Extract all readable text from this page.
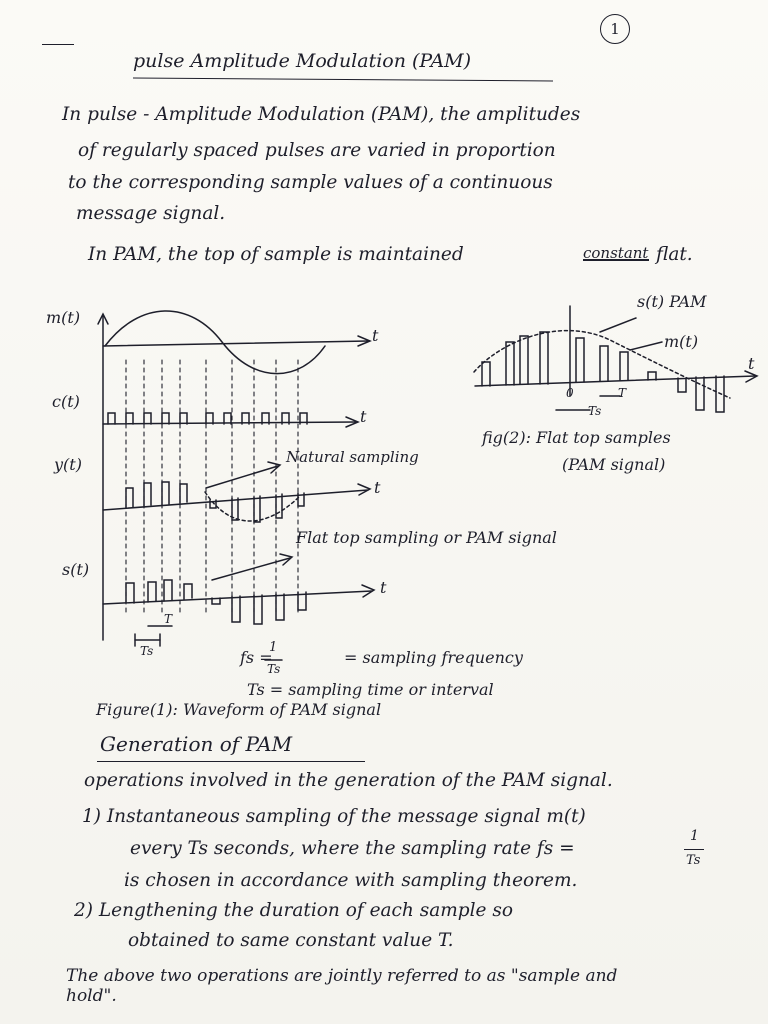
1
pulse Amplitude Modulation (PAM)
In pulse - Amplitude Modulation (PAM), the amplitudes
of regularly spaced pulses are varied in proportion
to the corresponding sample values of a continuous
message signal.
In PAM, the top of sample is maintained	constant flat.
m(t)
c(t)
y(t)
s(t)
t
t
t
t
Natural sampling
Flat top sampling or PAM signal
T
Ts	fs =
1
Ts
= sampling frequency
Ts = sampling time or interval
Figure(1): Waveform of PAM signal
s(t) PAM
m(t)
0	T
Ts
t
fig(2): Flat top samples
(PAM signal)
Generation of PAM
operations involved in the generation of the PAM signal.
1) Instantaneous sampling of the message signal m(t)
every Ts seconds, where the sampling rate fs =
1
Ts
is chosen in accordance with sampling theorem.
2) Lengthening the duration of each sample so
obtained to same constant value T.
The above two operations are jointly referred to as "sample and
hold".
